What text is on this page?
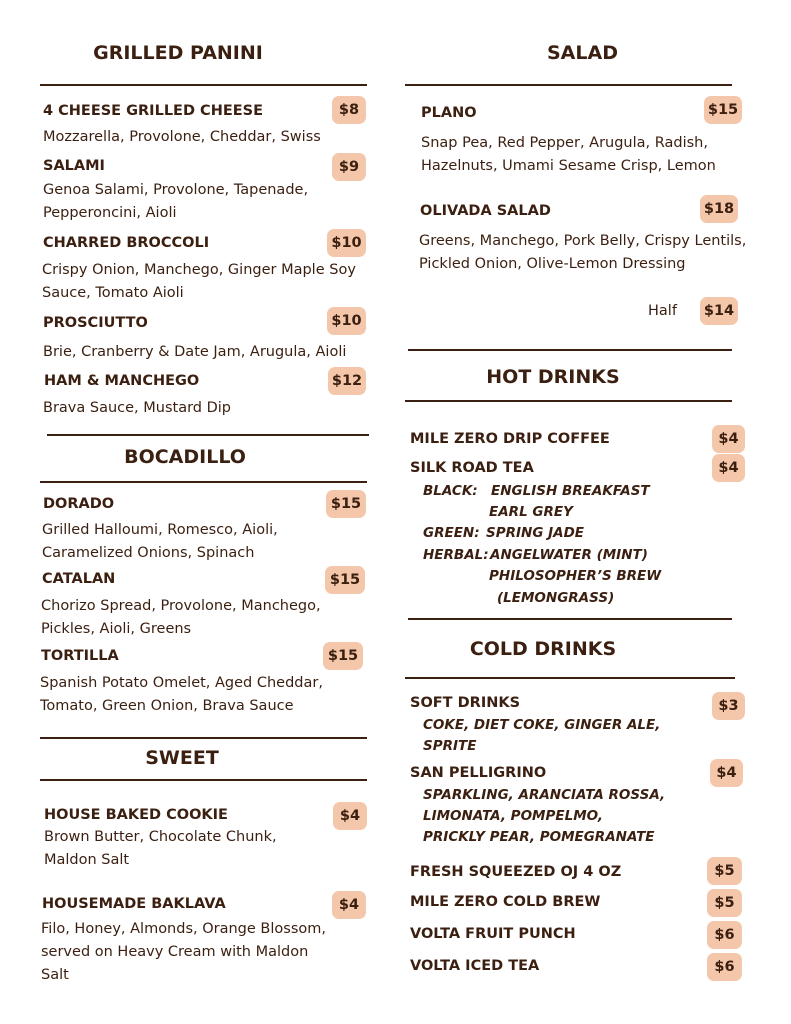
GRILLED PANINI
4 CHEESE GRILLED CHEESE	$8
Mozzarella, Provolone, Cheddar, Swiss
SALAMI	$9
Genoa Salami, Provolone, Tapenade, Pepperoncini, Aioli
CHARRED BROCCOLI	$10
Crispy Onion, Manchego, Ginger Maple Soy Sauce, Tomato Aioli
PROSCIUTTO	$10
Brie, Cranberry & Date Jam, Arugula, Aioli
HAM & MANCHEGO	$12
Brava Sauce, Mustard Dip
BOCADILLO
DORADO	$15
Grilled Halloumi, Romesco, Aioli, Caramelized Onions, Spinach
CATALAN	$15
Chorizo Spread, Provolone, Manchego, Pickles, Aioli, Greens
TORTILLA	$15
Spanish Potato Omelet, Aged Cheddar, Tomato, Green Onion, Brava Sauce
SWEET
HOUSE BAKED COOKIE	$4
Brown Butter, Chocolate Chunk, Maldon Salt
HOUSEMADE BAKLAVA	$4
Filo, Honey, Almonds, Orange Blossom, served on Heavy Cream with Maldon Salt
SALAD
PLANO	$15
Snap Pea, Red Pepper, Arugula, Radish, Hazelnuts, Umami Sesame Crisp, Lemon
OLIVADA SALAD	$18
Greens, Manchego, Pork Belly, Crispy Lentils, Pickled Onion, Olive-Lemon Dressing
Half $14
HOT DRINKS
MILE ZERO DRIP COFFEE	$4
SILK ROAD TEA	$4
BLACK: ENGLISH BREAKFAST
EARL GREY
GREEN: SPRING JADE
HERBAL: ANGELWATER (MINT)
PHILOSOPHER’S BREW
(LEMONGRASS)
COLD DRINKS
SOFT DRINKS	$3
COKE, DIET COKE, GINGER ALE,
SPRITE
SAN PELLIGRINO	$4
SPARKLING, ARANCIATA ROSSA,
LIMONATA, POMPELMO,
PRICKLY PEAR, POMEGRANATE
FRESH SQUEEZED OJ 4 OZ	$5
MILE ZERO COLD BREW	$5
VOLTA FRUIT PUNCH	$6
VOLTA ICED TEA	$6
